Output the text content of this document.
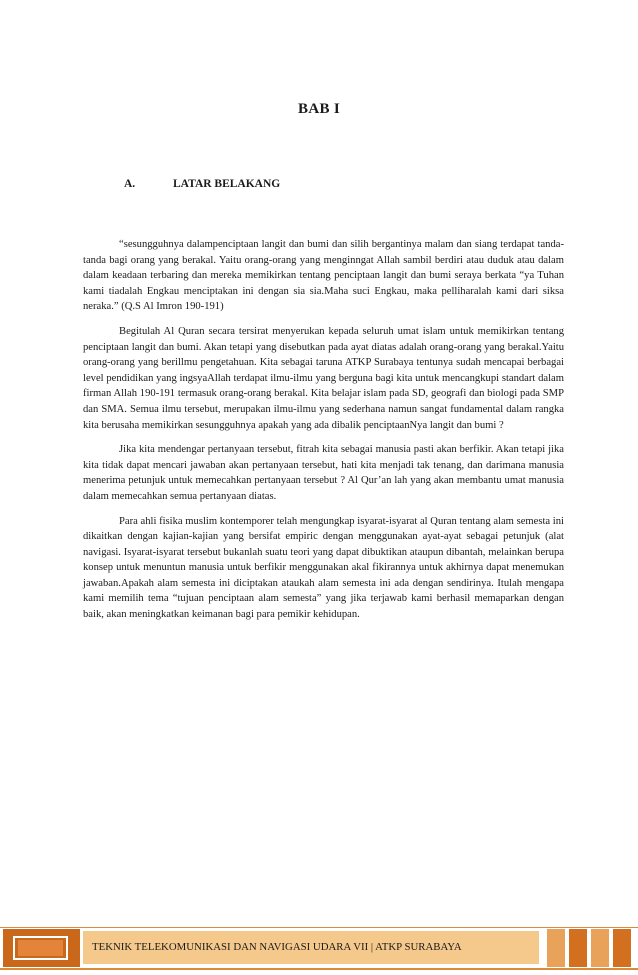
BAB I
A.	LATAR BELAKANG

“sesungguhnya dalampenciptaan langit dan bumi dan silih bergantinya malam dan siang terdapat tanda-tanda bagi orang yang berakal. Yaitu orang-orang yang menginngat Allah sambil berdiri atau duduk atau dalam dalam keadaan terbaring dan mereka memikirkan tentang penciptaan langit dan bumi seraya berkata “ya Tuhan kami tiadalah Engkau menciptakan ini dengan sia sia.Maha suci Engkau, maka pelliharalah kami dari siksa neraka.” (Q.S Al Imron 190-191)

Begitulah Al Quran secara tersirat menyerukan kepada seluruh umat islam untuk memikirkan tentang penciptaan langit dan bumi. Akan tetapi yang disebutkan pada ayat diatas adalah orang-orang yang berakal.Yaitu orang-orang yang berillmu pengetahuan. Kita sebagai taruna ATKP Surabaya tentunya sudah mencapai berbagai level pendidikan yang ingsyaAllah terdapat ilmu-ilmu yang berguna bagi kita untuk mencangkupi standart dalam firman Allah 190-191 termasuk orang-orang berakal. Kita belajar islam pada SD, geografi dan biologi pada SMP dan SMA. Semua ilmu tersebut, merupakan ilmu-ilmu yang sederhana namun sangat fundamental dalam rangka kita berusaha memikirkan sesungguhnya apakah yang ada dibalik penciptaanNya langit dan bumi ?

Jika kita mendengar pertanyaan tersebut, fitrah kita sebagai manusia pasti akan berfikir. Akan tetapi jika kita tidak dapat mencari jawaban akan pertanyaan tersebut, hati kita menjadi tak tenang, dan darimana manusia menerima petunjuk untuk memecahkan pertanyaan tersebut ? Al Qur’an lah yang akan membantu umat manusia dalam memecahkan semua pertanyaan diatas.

Para ahli fisika muslim kontemporer telah mengungkap isyarat-isyarat al Quran tentang alam semesta ini dikaitkan dengan kajian-kajian yang bersifat empiric dengan menggunakan ayat-ayat sebagai petunjuk (alat navigasi. Isyarat-isyarat tersebut bukanlah suatu teori yang dapat dibuktikan ataupun dibantah, melainkan berupa konsep untuk menuntun manusia untuk berfikir menggunakan akal fikirannya untuk akhirnya dapat menemukan jawaban.Apakah alam semesta ini diciptakan ataukah alam semesta ini ada dengan sendirinya. Itulah mengapa kami memilih tema “tujuan penciptaan alam semesta” yang jika terjawab kami berhasil memaparkan dengan baik, akan meningkatkan keimanan bagi para pemikir kehidupan.

TEKNIK TELEKOMUNIKASI DAN NAVIGASI UDARA VII | ATKP SURABAYA
